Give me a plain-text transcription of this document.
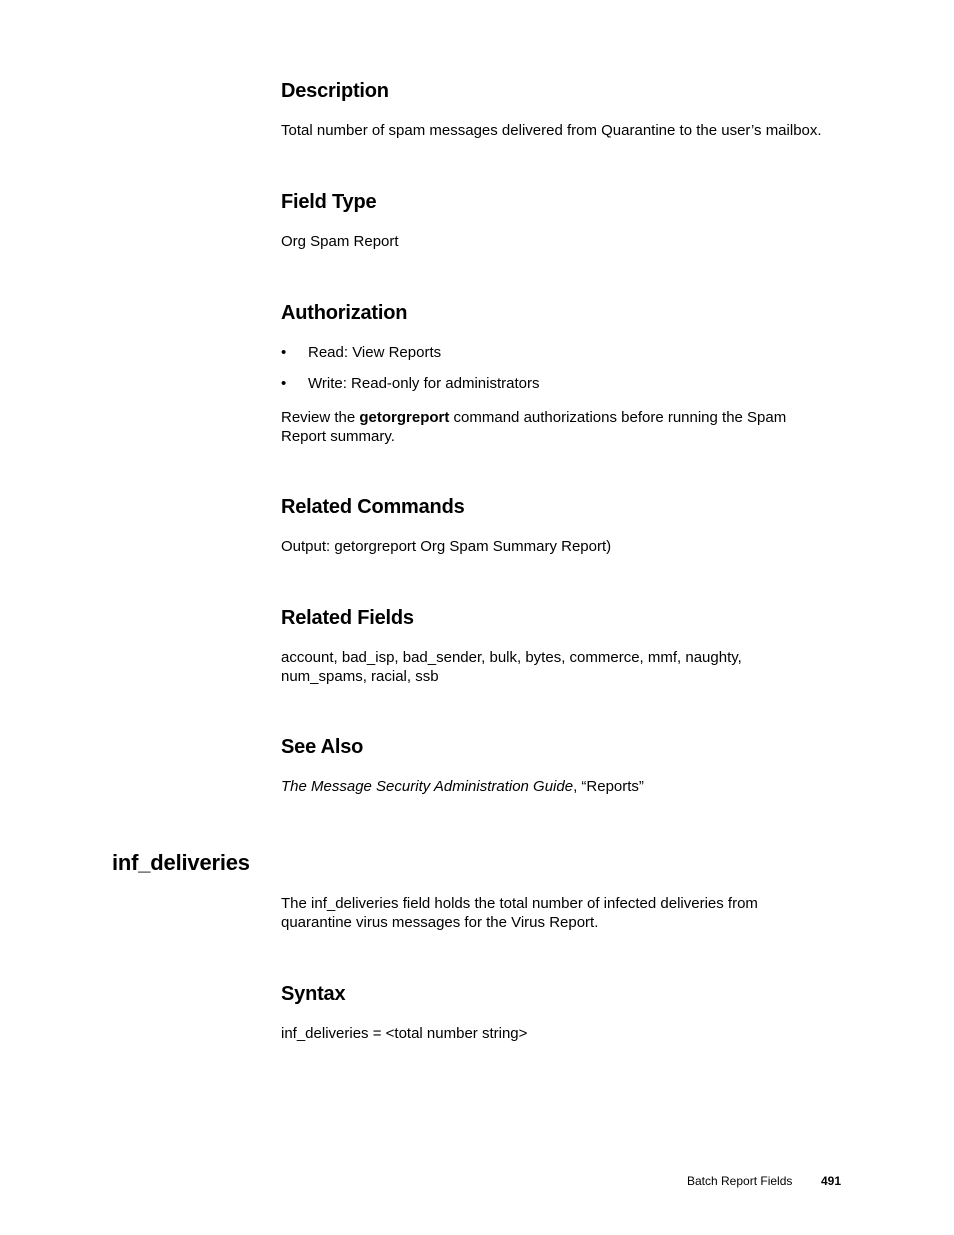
Description

Total number of spam messages delivered from Quarantine to the user’s mailbox.

Field Type

Org Spam Report

Authorization
• Read: View Reports
• Write: Read-only for administrators

Review the getorgreport command authorizations before running the Spam
Report summary.

Related Commands

Output: getorgreport Org Spam Summary Report)

Related Fields

account, bad_isp, bad_sender, bulk, bytes, commerce, mmf, naughty,
num_spams, racial, ssb

See Also

The Message Security Administration Guide, “Reports”

inf_deliveries

The inf_deliveries field holds the total number of infected deliveries from
quarantine virus messages for the Virus Report.

Syntax

inf_deliveries = <total number string>

Batch Report Fields 491
